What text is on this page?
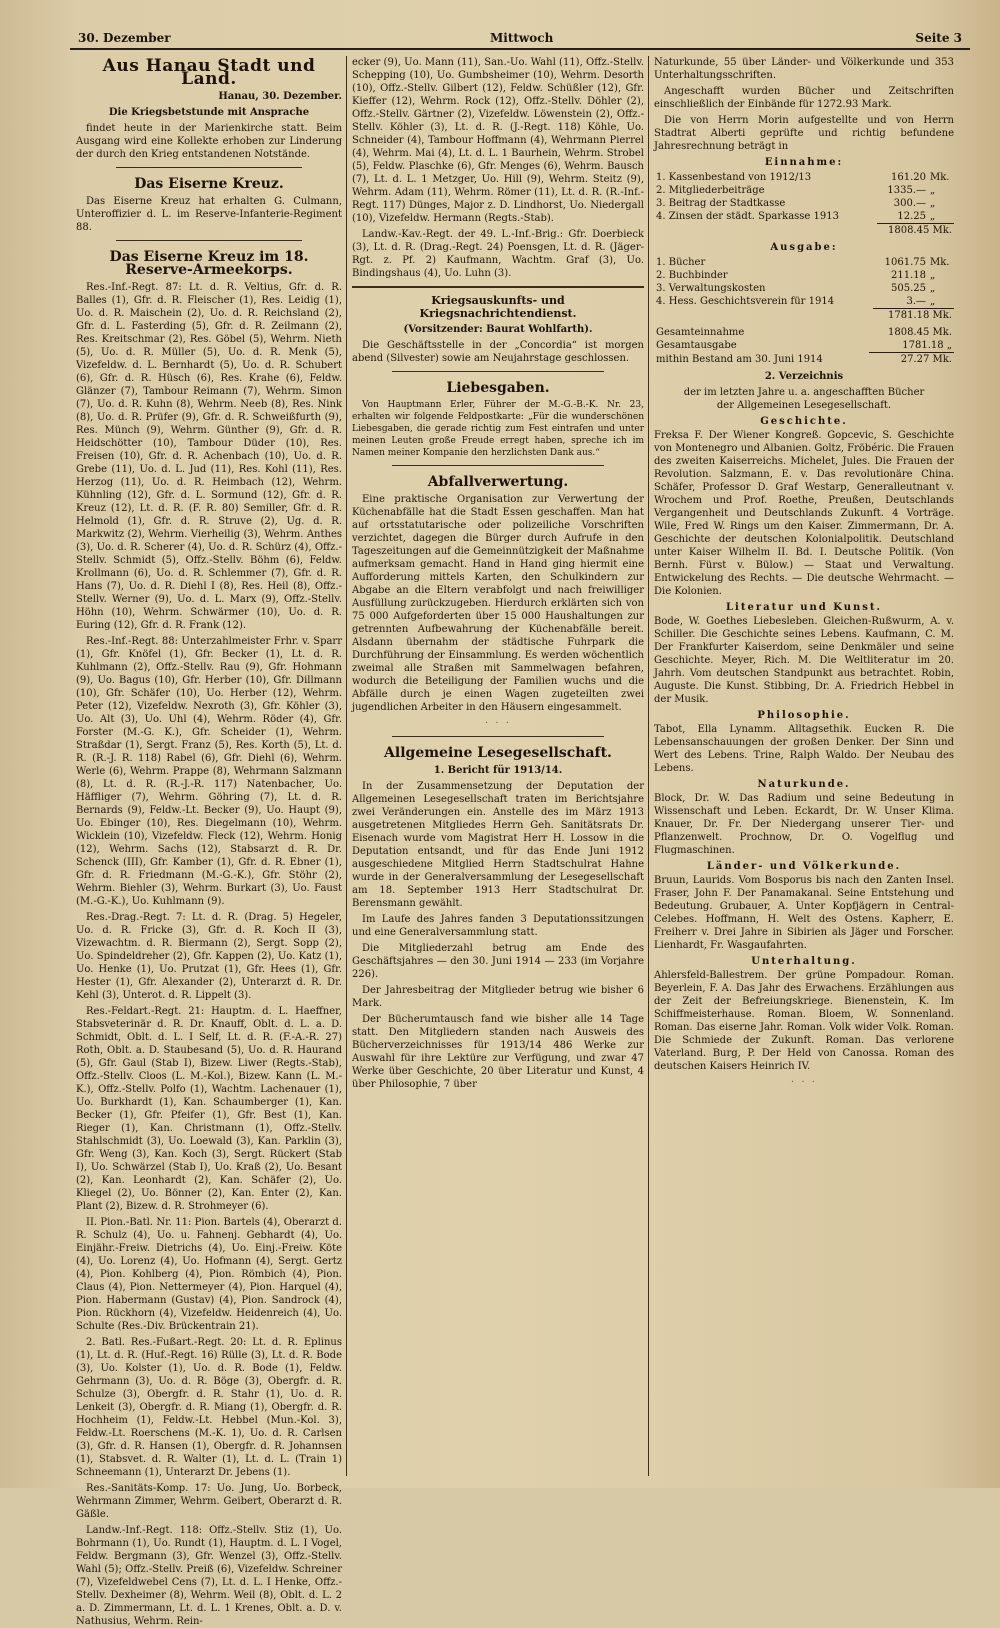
30. Dezember	Mittwoch	Seite 3
Aus Hanau Stadt und Land.
Hanau, 30. Dezember.
Die Kriegsbetstunde mit Ansprache

findet heute in der Marienkirche statt. Beim Ausgang wird eine Kollekte erhoben zur Linderung der durch den Krieg entstandenen Notstände.

Das Eiserne Kreuz.

Das Eiserne Kreuz hat erhalten G. Culmann, Unteroffizier d. L. im Reserve-Infanterie-Regiment 88.

Das Eiserne Kreuz im 18. Reserve-Armeekorps.

Res.-Inf.-Regt. 87: Lt. d. R. Veltius, Gfr. d. R. Balles (1), Gfr. d. R. Fleischer (1), Res. Leidig (1), Uo. d. R. Maischein (2), Uo. d. R. Reichsland (2), Gfr. d. L. Fasterding (5), Gfr. d. R. Zeilmann (2), Res. Kreitschmar (2), Res. Göbel (5), Wehrm. Nieth (5), Uo. d. R. Müller (5), Uo. d. R. Menk (5), Vizefeldw. d. L. Bernhardt (5), Uo. d. R. Schubert (6), Gfr. d. R. Hüsch (6), Res. Krahe (6), Feldw. Glänzer (7), Tambour Reimann (7), Wehrm. Simon (7), Uo. d. R. Kuhn (8), Wehrm. Neeb (8), Res. Nink (8), Uo. d. R. Prüfer (9), Gfr. d. R. Schweißfurth (9), Res. Münch (9), Wehrm. Günther (9), Gfr. d. R. Heidschötter (10), Tambour Düder (10), Res. Freisen (10), Gfr. d. R. Achenbach (10), Uo. d. R. Grebe (11), Uo. d. L. Jud (11), Res. Kohl (11), Res. Herzog (11), Uo. d. R. Heimbach (12), Wehrm. Kühnling (12), Gfr. d. L. Sormund (12), Gfr. d. R. Kreuz (12), Lt. d. R. (F. R. 80) Semiller, Gfr. d. R. Helmold (1), Gfr. d. R. Struve (2), Ug. d. R. Markwitz (2), Wehrm. Vierheilig (3), Wehrm. Anthes (3), Uo. d. R. Scherer (4), Uo. d. R. Schürz (4), Offz.-Stellv. Schmidt (5), Offz.-Stellv. Böhm (6), Feldw. Krollmann (6), Uo. d. R. Schlemmer (7), Gfr. d. R. Hans (7), Uo. d. R. Diehl I (8), Res. Heil (8), Offz.-Stellv. Werner (9), Uo. d. L. Marx (9), Offz.-Stellv. Höhn (10), Wehrm. Schwärmer (10), Uo. d. R. Euring (12), Gfr. d. R. Frank (12).

Res.-Inf.-Regt. 88: Unterzahlmeister Frhr. v. Sparr (1), Gfr. Knöfel (1), Gfr. Becker (1), Lt. d. R. Kuhlmann (2), Offz.-Stellv. Rau (9), Gfr. Hohmann (9), Uo. Bagus (10), Gfr. Herber (10), Gfr. Dillmann (10), Gfr. Schäfer (10), Uo. Herber (12), Wehrm. Peter (12), Vizefeldw. Nexroth (3), Gfr. Köhler (3), Uo. Alt (3), Uo. Uhl (4), Wehrm. Röder (4), Gfr. Forster (M.-G. K.), Gfr. Scheider (1), Wehrm. Straßdar (1), Sergt. Franz (5), Res. Korth (5), Lt. d. R. (R.-J. R. 118) Rabel (6), Gfr. Diehl (6), Wehrm. Werle (6), Wehrm. Prappe (8), Wehrmann Salzmann (8), Lt. d. R. (R.-J.-R. 117) Natenbacher, Uo. Häffliger (7), Wehrm. Göhring (7), Lt. d. R. Bernards (9), Feldw.-Lt. Becker (9), Uo. Haupt (9), Uo. Ebinger (10), Res. Diegelmann (10), Wehrm. Wicklein (10), Vizefeldw. Fleck (12), Wehrm. Honig (12), Wehrm. Sachs (12), Stabsarzt d. R. Dr. Schenck (III), Gfr. Kamber (1), Gfr. d. R. Ebner (1), Gfr. d. R. Friedmann (M.-G.-K.), Gfr. Stöhr (2), Wehrm. Biehler (3), Wehrm. Burkart (3), Uo. Faust (M.-G.-K.), Uo. Kuhlmann (9).

Res.-Drag.-Regt. 7: Lt. d. R. (Drag. 5) Hegeler, Uo. d. R. Fricke (3), Gfr. d. R. Koch II (3), Vizewachtm. d. R. Biermann (2), Sergt. Sopp (2), Uo. Spindeldreher (2), Gfr. Kappen (2), Uo. Katz (1), Uo. Henke (1), Uo. Prutzat (1), Gfr. Hees (1), Gfr. Hester (1), Gfr. Alexander (2), Unterarzt d. R. Dr. Kehl (3), Unterot. d. R. Lippelt (3).

Res.-Feldart.-Regt. 21: Hauptm. d. L. Haeffner, Stabsveterinär d. R. Dr. Knauff, Oblt. d. L. a. D. Schmidt, Oblt. d. L. I Self, Lt. d. R. (F.-A.-R. 27) Roth, Oblt. a. D. Staubesand (5), Uo. d. R. Haurand (5), Gfr. Gaul (Stab I), Bizew. Liwer (Regts.-Stab), Offz.-Stellv. Cloos (L. M.-Kol.), Bizew. Kann (L. M.-K.), Offz.-Stellv. Polfo (1), Wachtm. Lachenauer (1), Uo. Burkhardt (1), Kan. Schaumberger (1), Kan. Becker (1), Gfr. Pfeifer (1), Gfr. Best (1), Kan. Rieger (1), Kan. Christmann (1), Offz.-Stellv. Stahlschmidt (3), Uo. Loewald (3), Kan. Parklin (3), Gfr. Weng (3), Kan. Koch (3), Sergt. Rückert (Stab I), Uo. Schwärzel (Stab I), Uo. Kraß (2), Uo. Besant (2), Kan. Leonhardt (2), Kan. Schäfer (2), Uo. Kliegel (2), Uo. Bönner (2), Kan. Enter (2), Kan. Plant (2), Bizew. d. R. Strohmeyer (6).

II. Pion.-Batl. Nr. 11: Pion. Bartels (4), Oberarzt d. R. Schulz (4), Uo. u. Fahnenj. Gebhardt (4), Uo. Einjähr.-Freiw. Dietrichs (4), Uo. Einj.-Freiw. Köte (4), Uo. Lorenz (4), Uo. Hofmann (4), Sergt. Gertz (4), Pion. Kohlberg (4), Pion. Römbich (4), Pion. Claus (4), Pion. Nettermeyer (4), Pion. Harquel (4), Pion. Habermann (Gustav) (4), Pion. Sandrock (4), Pion. Rückhorn (4), Vizefeldw. Heidenreich (4), Uo. Schulte (Res.-Div. Brückentrain 21).

2. Batl. Res.-Fußart.-Regt. 20: Lt. d. R. Eplinus (1), Lt. d. R. (Huf.-Regt. 16) Rülle (3), Lt. d. R. Bode (3), Uo. Kolster (1), Uo. d. R. Bode (1), Feldw. Gehrmann (3), Uo. d. R. Böge (3), Obergfr. d. R. Schulze (3), Obergfr. d. R. Stahr (1), Uo. d. R. Lenkeit (3), Obergfr. d. R. Miang (1), Obergfr. d. R. Hochheim (1), Feldw.-Lt. Hebbel (Mun.-Kol. 3), Feldw.-Lt. Roerschens (M.-K. 1), Uo. d. R. Carlsen (3), Gfr. d. R. Hansen (1), Obergfr. d. R. Johannsen (1), Stabsvet. d. R. Walter (1), Lt. d. L. (Train 1) Schneemann (1), Unterarzt Dr. Jebens (1).

Res.-Sanitäts-Komp. 17: Uo. Jung, Uo. Borbeck, Wehrmann Zimmer, Wehrm. Geibert, Oberarzt d. R. Gäßle.

Landw.-Inf.-Regt. 118: Offz.-Stellv. Stiz (1), Uo. Bohrmann (1), Uo. Rundt (1), Hauptm. d. L. I Vogel, Feldw. Bergmann (3), Gfr. Wenzel (3), Offz.-Stellv. Wahl (5); Offz.-Stellv. Preiß (6), Vizefeldw. Schreiner (7), Vizefeldwebel Cens (7), Lt. d. L. I Henke, Offz.-Stellv. Dexheimer (8), Wehrm. Weil (8), Oblt. d. L. 2 a. D. Zimmermann, Lt. d. L. 1 Krenes, Oblt. a. D. v. Nathusius, Wehrm. Rein-

ecker (9), Uo. Mann (11), San.-Uo. Wahl (11), Offz.-Stellv. Schepping (10), Uo. Gumbsheimer (10), Wehrm. Desorth (10), Offz.-Stellv. Gilbert (12), Feldw. Schüßler (12), Gfr. Kieffer (12), Wehrm. Rock (12), Offz.-Stellv. Döhler (2), Offz.-Stellv. Gärtner (2), Vizefeldw. Löwenstein (2), Offz.-Stellv. Köhler (3), Lt. d. R. (J.-Regt. 118) Köhle, Uo. Schneider (4), Tambour Hoffmann (4), Wehrmann Pierrel (4), Wehrm. Mai (4), Lt. d. L. 1 Baurhein, Wehrm. Strobel (5), Feldw. Plaschke (6), Gfr. Menges (6), Wehrm. Bausch (7), Lt. d. L. 1 Metzger, Uo. Hill (9), Wehrm. Steitz (9), Wehrm. Adam (11), Wehrm. Römer (11), Lt. d. R. (R.-Inf.-Regt. 117) Dünges, Major z. D. Lindhorst, Uo. Niedergall (10), Vizefeldw. Hermann (Regts.-Stab).

Landw.-Kav.-Regt. der 49. L.-Inf.-Brig.: Gfr. Doerbieck (3), Lt. d. R. (Drag.-Regt. 24) Poensgen, Lt. d. R. (Jäger-Rgt. z. Pf. 2) Kaufmann, Wachtm. Graf (3), Uo. Bindingshaus (4), Uo. Luhn (3).

Kriegsauskunfts- und Kriegsnachrichtendienst.
(Vorsitzender: Baurat Wohlfarth).

Die Geschäftsstelle in der „Concordia“ ist morgen abend (Silvester) sowie am Neujahrstage geschlossen.

Liebesgaben.

Von Hauptmann Erler, Führer der M.-G.-B.-K. Nr. 23, erhalten wir folgende Feldpostkarte: „Für die wunderschönen Liebesgaben, die gerade richtig zum Fest eintrafen und unter meinen Leuten große Freude erregt haben, spreche ich im Namen meiner Kompanie den herzlichsten Dank aus.“

Abfallverwertung.

Eine praktische Organisation zur Verwertung der Küchenabfälle hat die Stadt Essen geschaffen. Man hat auf ortsstatutarische oder polizeiliche Vorschriften verzichtet, dagegen die Bürger durch Aufrufe in den Tageszeitungen auf die Gemeinnützigkeit der Maßnahme aufmerksam gemacht. Hand in Hand ging hiermit eine Aufforderung mittels Karten, den Schulkindern zur Abgabe an die Eltern verabfolgt und nach freiwilliger Ausfüllung zurückzugeben. Hierdurch erklärten sich von 75 000 Aufgeforderten über 15 000 Haushaltungen zur getrennten Aufbewahrung der Küchenabfälle bereit. Alsdann übernahm der städtische Fuhrpark die Durchführung der Einsammlung. Es werden wöchentlich zweimal alle Straßen mit Sammelwagen befahren, wodurch die Beteiligung der Familien wuchs und die Abfälle durch je einen Wagen zugeteilten zwei jugendlichen Arbeiter in den Häusern eingesammelt.

· · ·

Allgemeine Lesegesellschaft.
1. Bericht für 1913/14.

In der Zusammensetzung der Deputation der Allgemeinen Lesegesellschaft traten im Berichtsjahre zwei Veränderungen ein. Anstelle des im März 1913 ausgetretenen Mitgliedes Herrn Geh. Sanitätsrats Dr. Eisenach wurde vom Magistrat Herr H. Lossow in die Deputation entsandt, und für das Ende Juni 1912 ausgeschiedene Mitglied Herrn Stadtschulrat Hahne wurde in der Generalversammlung der Lesegesellschaft am 18. September 1913 Herr Stadtschulrat Dr. Berensmann gewählt.

Im Laufe des Jahres fanden 3 Deputationssitzungen und eine Generalversammlung statt.

Die Mitgliederzahl betrug am Ende des Geschäftsjahres — den 30. Juni 1914 — 233 (im Vorjahre 226).

Der Jahresbeitrag der Mitglieder betrug wie bisher 6 Mark.

Der Bücherumtausch fand wie bisher alle 14 Tage statt. Den Mitgliedern standen nach Ausweis des Bücherverzeichnisses für 1913/14 486 Werke zur Auswahl für ihre Lektüre zur Verfügung, und zwar 47 Werke über Geschichte, 20 über Literatur und Kunst, 4 über Philosophie, 7 über

Naturkunde, 55 über Länder- und Völkerkunde und 353 Unterhaltungsschriften.

Angeschafft wurden Bücher und Zeitschriften einschließlich der Einbände für 1272.93 Mark.

Die von Herrn Morin aufgestellte und von Herrn Stadtrat Alberti geprüfte und richtig befundene Jahresrechnung beträgt in

Einnahme:
1. Kassenbestand von 1912/13	161.20	Mk.
2. Mitgliederbeiträge	1335.—	„
3. Beitrag der Stadtkasse	300.—	„
4. Zinsen der städt. Sparkasse 1913	12.25	„
	1808.45 Mk.	
Ausgabe:
1. Bücher	1061.75	Mk.
2. Buchbinder	211.18	„
3. Verwaltungskosten	505.25	„
4. Hess. Geschichtsverein für 1914	3.—	„
	1781.18 Mk.	
Gesamteinnahme	1808.45 Mk.
Gesamtausgabe	1781.18 „
mithin Bestand am 30. Juni 1914	27.27 Mk.
2. Verzeichnis
der im letzten Jahre u. a. angeschafften Bücher der Allgemeinen Lesegesellschaft.
Geschichte.

Freksa F. Der Wiener Kongreß. Gopcevic, S. Geschichte von Montenegro und Albanien. Goltz, Fröbéric. Die Frauen des zweiten Kaiserreichs. Michelet, Jules. Die Frauen der Revolution. Salzmann, E. v. Das revolutionäre China. Schäfer, Professor D. Graf Westarp, Generalleutnant v. Wrochem und Prof. Roethe, Preußen, Deutschlands Vergangenheit und Deutschlands Zukunft. 4 Vorträge. Wile, Fred W. Rings um den Kaiser. Zimmermann, Dr. A. Geschichte der deutschen Kolonialpolitik. Deutschland unter Kaiser Wilhelm II. Bd. I. Deutsche Politik. (Von Bernh. Fürst v. Bülow.) — Staat und Verwaltung. Entwickelung des Rechts. — Die deutsche Wehrmacht. — Die Kolonien.

Literatur und Kunst.

Bode, W. Goethes Liebesleben. Gleichen-Rußwurm, A. v. Schiller. Die Geschichte seines Lebens. Kaufmann, C. M. Der Frankfurter Kaiserdom, seine Denkmäler und seine Geschichte. Meyer, Rich. M. Die Weltliteratur im 20. Jahrh. Vom deutschen Standpunkt aus betrachtet. Robin, Auguste. Die Kunst. Stibbing, Dr. A. Friedrich Hebbel in der Musik.

Philosophie.

Tabot, Ella Lynamm. Alltagsethik. Eucken R. Die Lebensanschauungen der großen Denker. Der Sinn und Wert des Lebens. Trine, Ralph Waldo. Der Neubau des Lebens.

Naturkunde.

Block, Dr. W. Das Radium und seine Bedeutung in Wissenschaft und Leben. Eckardt, Dr. W. Unser Klima. Knauer, Dr. Fr. Der Niedergang unserer Tier- und Pflanzenwelt. Prochnow, Dr. O. Vogelflug und Flugmaschinen.

Länder- und Völkerkunde.

Bruun, Laurids. Vom Bosporus bis nach den Zanten Insel. Fraser, John F. Der Panamakanal. Seine Entstehung und Bedeutung. Grubauer, A. Unter Kopfjägern in Central-Celebes. Hoffmann, H. Welt des Ostens. Kapherr, E. Freiherr v. Drei Jahre in Sibirien als Jäger und Forscher. Lienhardt, Fr. Wasgaufahrten.

Unterhaltung.

Ahlersfeld-Ballestrem. Der grüne Pompadour. Roman. Beyerlein, F. A. Das Jahr des Erwachens. Erzählungen aus der Zeit der Befreiungskriege. Bienenstein, K. Im Schiffmeisterhause. Roman. Bloem, W. Sonnenland. Roman. Das eiserne Jahr. Roman. Volk wider Volk. Roman. Die Schmiede der Zukunft. Roman. Das verlorene Vaterland. Burg, P. Der Held von Canossa. Roman des deutschen Kaisers Heinrich IV.

· · ·
